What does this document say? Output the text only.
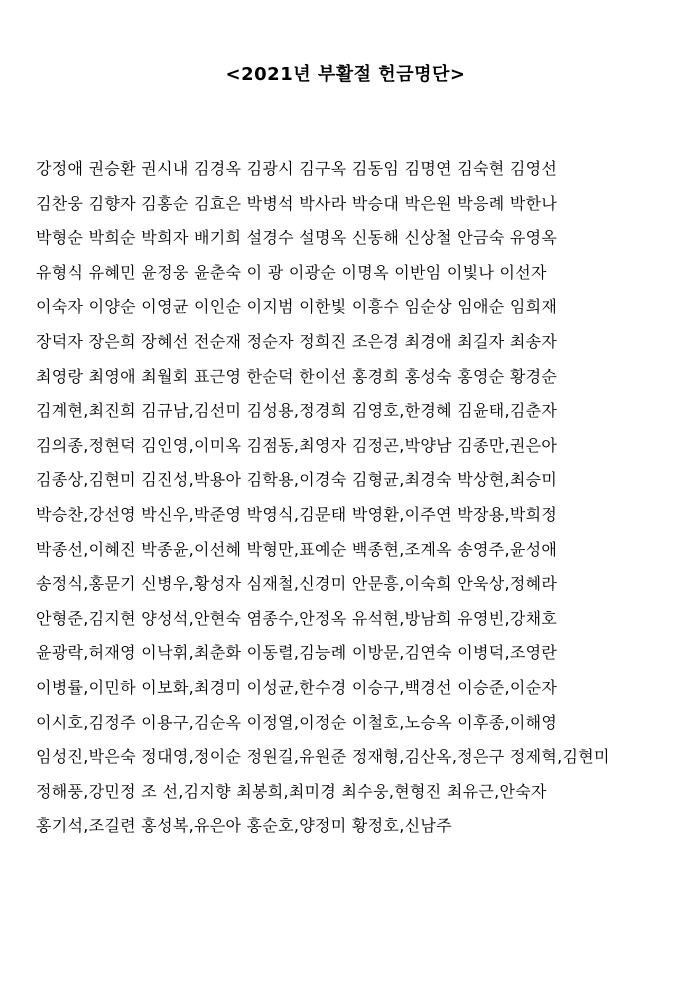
<2021년 부활절 헌금명단>
강정애 권승환 권시내 김경옥 김광시 김구옥 김동임 김명연 김숙현 김영선
김찬웅 김향자 김홍순 김효은 박병석 박사라 박승대 박은원 박응례 박한나
박형순 박희순 박희자 배기희 설경수 설명옥 신동해 신상철 안금숙 유영옥
유형식 유혜민 윤정웅 윤춘숙 이 광 이광순 이명옥 이반임 이빛나 이선자
이숙자 이양순 이영균 이인순 이지범 이한빛 이흥수 임순상 임애순 임희재
장덕자 장은희 장혜선 전순재 정순자 정희진 조은경 최경애 최길자 최송자
최영랑 최영애 최월회 표근영 한순덕 한이선 홍경희 홍성숙 홍영순 황경순
김계현,최진희 김규남,김선미 김성용,정경희 김영호,한경혜 김윤태,김춘자
김의종,정현덕 김인영,이미옥 김점동,최영자 김정곤,박양남 김종만,권은아
김종상,김현미 김진성,박용아 김학용,이경숙 김형균,최경숙 박상현,최승미
박승찬,강선영 박신우,박준영 박영식,김문태 박영환,이주연 박장용,박희정
박종선,이혜진 박종윤,이선혜 박형만,표예순 백종현,조계옥 송영주,윤성애
송정식,홍문기 신병우,황성자 심재철,신경미 안문흥,이숙희 안욱상,정혜라
안형준,김지현 양성석,안현숙 염종수,안정옥 유석현,방남희 유영빈,강채호
윤광락,허재영 이낙휘,최춘화 이동렬,김능례 이방문,김연숙 이병덕,조영란
이병률,이민하 이보화,최경미 이성균,한수경 이승구,백경선 이승준,이순자
이시호,김정주 이용구,김순옥 이정열,이정순 이철호,노승옥 이후종,이해영
임성진,박은숙 정대영,정이순 정원길,유원준 정재형,김산옥,정은구 정제혁,김현미
정해풍,강민정 조 선,김지향 최봉희,최미경 최수웅,현형진 최유근,안숙자
홍기석,조길련 홍성복,유은아 홍순호,양정미 황정호,신남주
